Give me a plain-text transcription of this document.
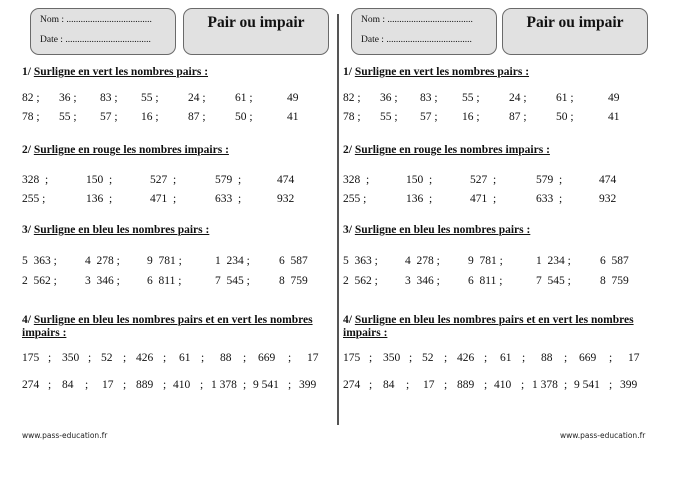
Nom : ....................................
Date : ....................................
Pair ou impair
1/ Surligne en vert les nombres pairs :
82 ; 36 ; 83 ; 55 ;	24 ;	61 ;	49
78 ; 55 ; 57 ; 16 ;	87 ;	50 ;	41
2/ Surligne en rouge les nombres impairs :
328  ;	150  ;	527  ;	579  ;	474
255 ;	136  ;	471  ;	633  ;	932
3/ Surligne en bleu les nombres pairs :
5  363 ; 4  278 ; 9  781 ;	1  234 ;	6  587
2  562 ; 3  346 ; 6  811 ;	7  545 ;	8  759
4/ Surligne en bleu les nombres pairs et en vert les nombres impairs :
175 ; 350 ; 52 ; 426 ; 61 ; 88 ; 669 ; 17
274 ; 84 ; 17 ; 889 ; 410 ; 1 378 ; 9 541 ; 399
www.pass-education.fr
Nom : ....................................
Date : ....................................
Pair ou impair
1/ Surligne en vert les nombres pairs :
82 ; 36 ; 83 ; 55 ;	24 ;	61 ;	49
78 ; 55 ; 57 ; 16 ;	87 ;	50 ;	41
2/ Surligne en rouge les nombres impairs :
328  ;	150  ;	527  ;	579  ;	474
255 ;	136  ;	471  ;	633  ;	932
3/ Surligne en bleu les nombres pairs :
5  363 ; 4  278 ; 9  781 ;	1  234 ;	6  587
2  562 ; 3  346 ; 6  811 ;	7  545 ;	8  759
4/ Surligne en bleu les nombres pairs et en vert les nombres impairs :
175 ; 350 ; 52 ; 426 ; 61 ; 88 ; 669 ; 17
274 ; 84 ; 17 ; 889 ; 410 ; 1 378 ; 9 541 ; 399
www.pass-education.fr
